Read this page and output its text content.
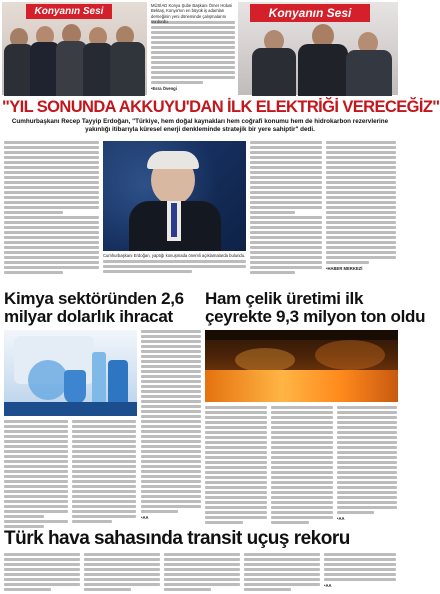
Konyanın Sesi

MÜSİAD Konya Şube Başkanı Ömer Hülusi Bektaş, Konya'nın en büyük iş adamları derneğinin yeni döneminde çalışmalarını sürdürdü.

•Esra Övengi

Konyanın Sesi
"YIL SONUNDA AKKUYU'DAN İLK ELEKTRİĞİ VERECEĞİZ"
Cumhurbaşkanı Recep Tayyip Erdoğan, "Türkiye, hem doğal kaynakları hem coğrafi konumu hem de hidrokarbon rezervlerine yakınlığı itibarıyla küresel enerji denkleminde stratejik bir yere sahiptir" dedi.

Cumhurbaşkanı Erdoğan, yaptığı konuşmada önemli açıklamalarda bulundu.

•HABER MERKEZİ

Kimya sektöründen 2,6

milyar dolarlık ihracat

Ham çelik üretimi ilk

çeyrekte 9,3 milyon ton oldu

•AA	•AA

Türk hava sahasında transit uçuş rekoru

•AA
